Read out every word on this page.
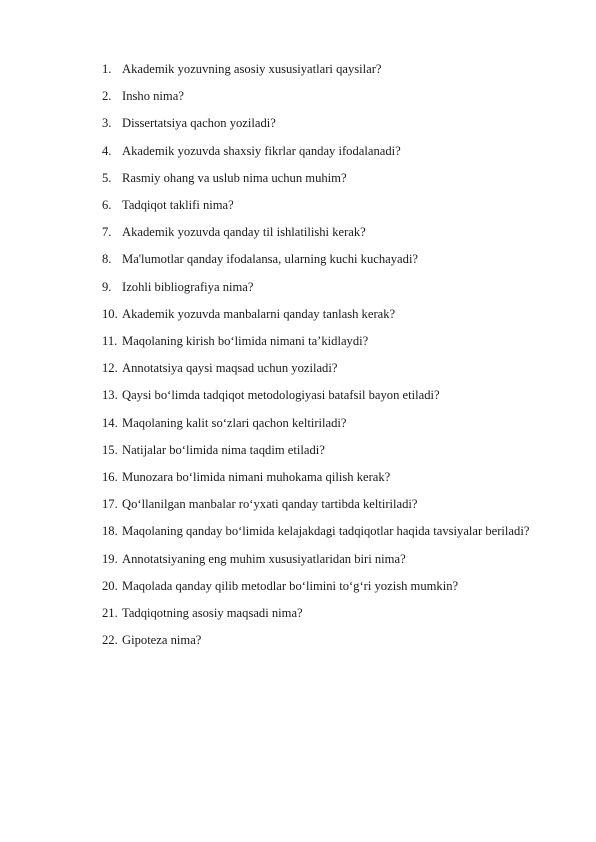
1. Akademik yozuvning asosiy xususiyatlari qaysilar?
2. Insho nima?
3. Dissertatsiya qachon yoziladi?
4. Akademik yozuvda shaxsiy fikrlar qanday ifodalanadi?
5. Rasmiy ohang va uslub nima uchun muhim?
6. Tadqiqot taklifi nima?
7. Akademik yozuvda qanday til ishlatilishi kerak?
8. Ma'lumotlar qanday ifodalansa, ularning kuchi kuchayadi?
9. Izohli bibliografiya nima?
10. Akademik yozuvda manbalarni qanday tanlash kerak?
11. Maqolaning kirish bo‘limida nimani ta’kidlaydi?
12. Annotatsiya qaysi maqsad uchun yoziladi?
13. Qaysi bo‘limda tadqiqot metodologiyasi batafsil bayon etiladi?
14. Maqolaning kalit so‘zlari qachon keltiriladi?
15. Natijalar bo‘limida nima taqdim etiladi?
16. Munozara bo‘limida nimani muhokama qilish kerak?
17. Qo‘llanilgan manbalar ro‘yxati qanday tartibda keltiriladi?
18. Maqolaning qanday bo‘limida kelajakdagi tadqiqotlar haqida tavsiyalar beriladi?
19. Annotatsiyaning eng muhim xususiyatlaridan biri nima?
20. Maqolada qanday qilib metodlar bo‘limini to‘g‘ri yozish mumkin?
21. Tadqiqotning asosiy maqsadi nima?
22. Gipoteza nima?
